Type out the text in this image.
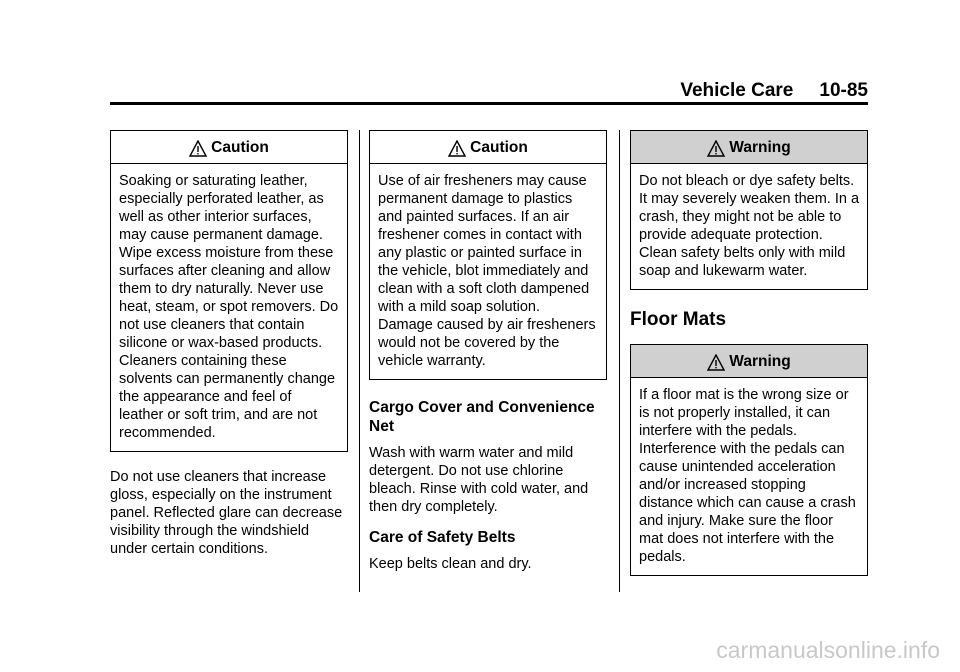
Vehicle Care 10-85
Caution
Soaking or saturating leather, especially perforated leather, as well as other interior surfaces, may cause permanent damage. Wipe excess moisture from these surfaces after cleaning and allow them to dry naturally. Never use heat, steam, or spot removers. Do not use cleaners that contain silicone or wax-based products. Cleaners containing these solvents can permanently change the appearance and feel of leather or soft trim, and are not recommended.
Do not use cleaners that increase gloss, especially on the instrument panel. Reflected glare can decrease visibility through the windshield under certain conditions.
Caution
Use of air fresheners may cause permanent damage to plastics and painted surfaces. If an air freshener comes in contact with any plastic or painted surface in the vehicle, blot immediately and clean with a soft cloth dampened with a mild soap solution. Damage caused by air fresheners would not be covered by the vehicle warranty.
Cargo Cover and Convenience Net
Wash with warm water and mild detergent. Do not use chlorine bleach. Rinse with cold water, and then dry completely.
Care of Safety Belts
Keep belts clean and dry.
Warning
Do not bleach or dye safety belts. It may severely weaken them. In a crash, they might not be able to provide adequate protection. Clean safety belts only with mild soap and lukewarm water.
Floor Mats
Warning
If a floor mat is the wrong size or is not properly installed, it can interfere with the pedals. Interference with the pedals can cause unintended acceleration and/or increased stopping distance which can cause a crash and injury. Make sure the floor mat does not interfere with the pedals.
carmanualsonline.info
